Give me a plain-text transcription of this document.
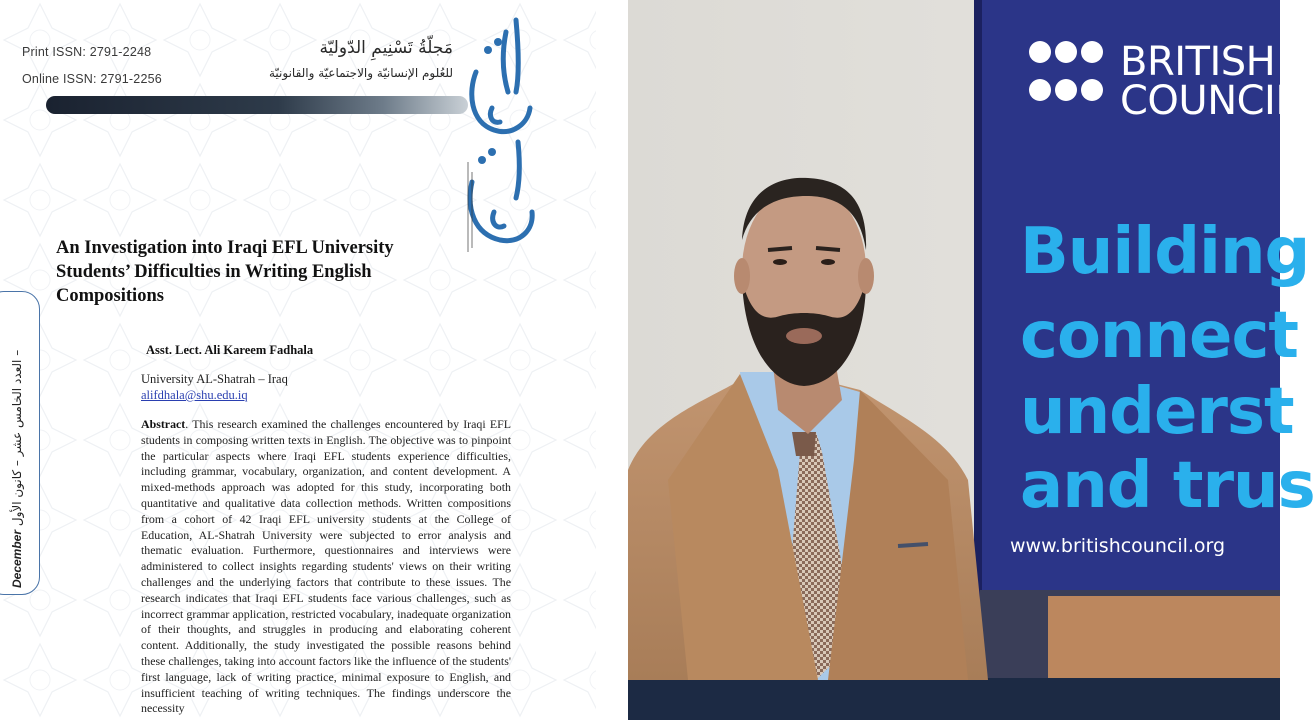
Print ISSN: 2791-2248
Online ISSN: 2791-2256
مَجلّةُ تَسْنِيمِ الدّوليّة
للعُلوم الإنسانيّة والاجتماعيّة والقانونيّة
An Investigation into Iraqi EFL University Students’ Difficulties in Writing English Compositions
Asst. Lect. Ali Kareem Fadhala
University AL-Shatrah – Iraq
alifdhala@shu.edu.iq
Abstract. This research examined the challenges encountered by Iraqi EFL students in composing written texts in English. The objective was to pinpoint the particular aspects where Iraqi EFL students experience difficulties, including grammar, vocabulary, organization, and content development. A mixed-methods approach was adopted for this study, incorporating both quantitative and qualitative data collection methods. Written compositions from a cohort of 42 Iraqi EFL university students at the College of Education, AL-Shatrah University were subjected to error analysis and thematic evaluation. Furthermore, questionnaires and interviews were administered to collect insights regarding students' views on their writing challenges and the underlying factors that contribute to these issues. The research indicates that Iraqi EFL students face various challenges, such as incorrect grammar application, restricted vocabulary, inadequate organization of their thoughts, and struggles in producing and elaborating coherent content. Additionally, the study investigated the possible reasons behind these challenges, taking into account factors like the influence of the students' first language, lack of writing practice, minimal exposure to English, and insufficient teaching of writing techniques. The findings underscore the necessity
December العدد الخامس عشر – كانون الأول –
BRITISH
COUNCIL
Building
connect
underst
and trus
www.britishcouncil.org
